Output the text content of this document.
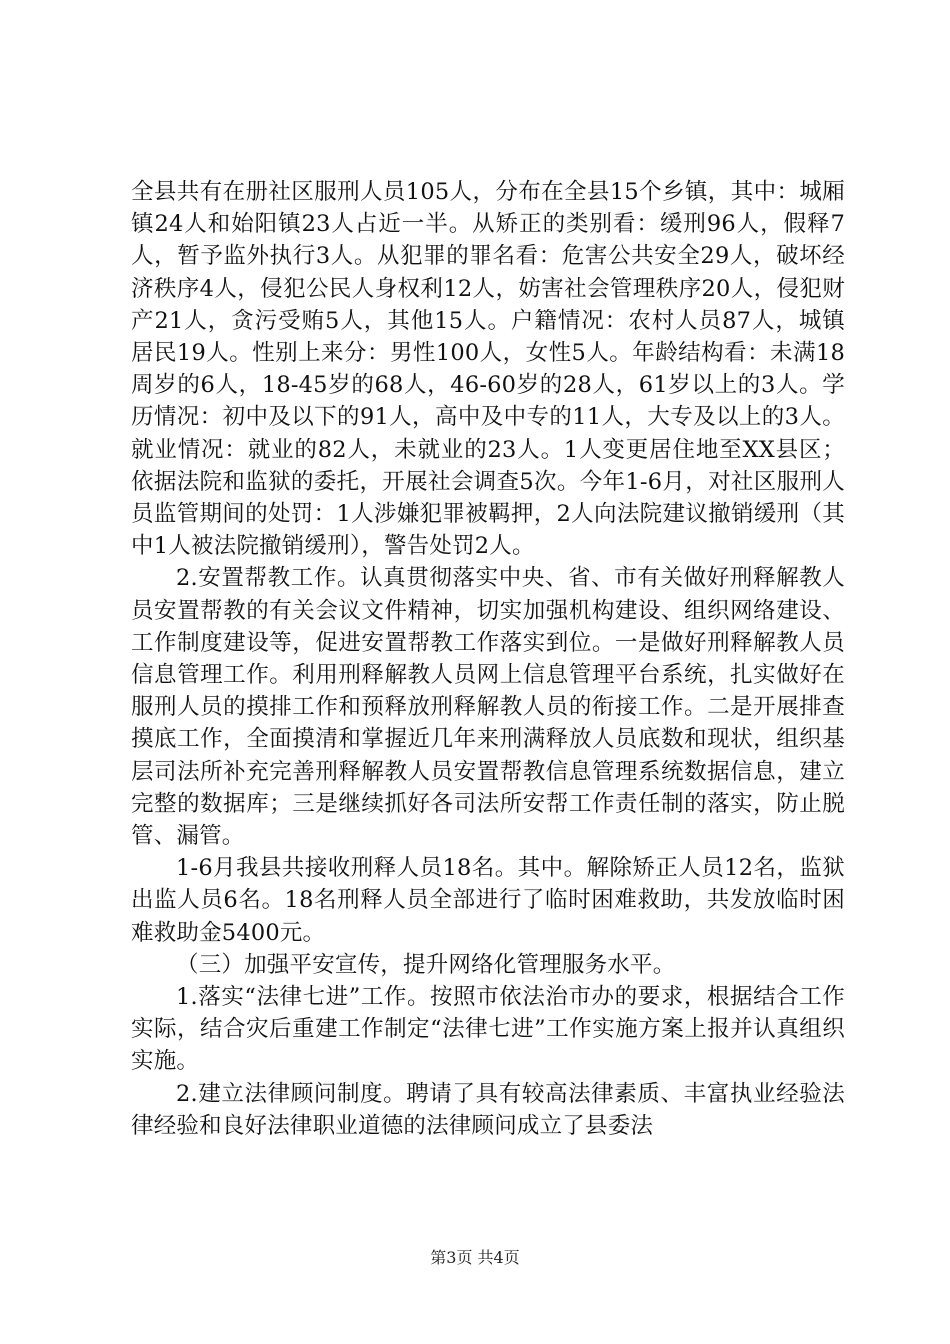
全县共有在册社区服刑人员105人，分布在全县15个乡镇，其中：城厢镇24人和始阳镇23人占近一半。从矫正的类别看：缓刑96人，假释7人，暂予监外执行3人。从犯罪的罪名看：危害公共安全29人，破坏经济秩序4人，侵犯公民人身权利12人，妨害社会管理秩序20人，侵犯财产21人，贪污受贿5人，其他15人。户籍情况：农村人员87人，城镇居民19人。性别上来分：男性100人，女性5人。年龄结构看：未满18周岁的6人，18-45岁的68人，46-60岁的28人，61岁以上的3人。学历情况：初中及以下的91人，高中及中专的11人，大专及以上的3人。就业情况：就业的82人，未就业的23人。1人变更居住地至XX县区；依据法院和监狱的委托，开展社会调查5次。今年1-6月，对社区服刑人员监管期间的处罚：1人涉嫌犯罪被羁押，2人向法院建议撤销缓刑（其中1人被法院撤销缓刑），警告处罚2人。

2.安置帮教工作。认真贯彻落实中央、省、市有关做好刑释解教人员安置帮教的有关会议文件精神，切实加强机构建设、组织网络建设、工作制度建设等，促进安置帮教工作落实到位。一是做好刑释解教人员信息管理工作。利用刑释解教人员网上信息管理平台系统，扎实做好在服刑人员的摸排工作和预释放刑释解教人员的衔接工作。二是开展排查摸底工作，全面摸清和掌握近几年来刑满释放人员底数和现状，组织基层司法所补充完善刑释解教人员安置帮教信息管理系统数据信息，建立完整的数据库；三是继续抓好各司法所安帮工作责任制的落实，防止脱管、漏管。

1-6月我县共接收刑释人员18名。其中。解除矫正人员12名，监狱出监人员6名。18名刑释人员全部进行了临时困难救助，共发放临时困难救助金5400元。

（三）加强平安宣传，提升网络化管理服务水平。

1.落实“法律七进”工作。按照市依法治市办的要求，根据结合工作实际，结合灾后重建工作制定“法律七进”工作实施方案上报并认真组织实施。

2.建立法律顾问制度。聘请了具有较高法律素质、丰富执业经验法律经验和良好法律职业道德的法律顾问成立了县委法

第3页 共4页
